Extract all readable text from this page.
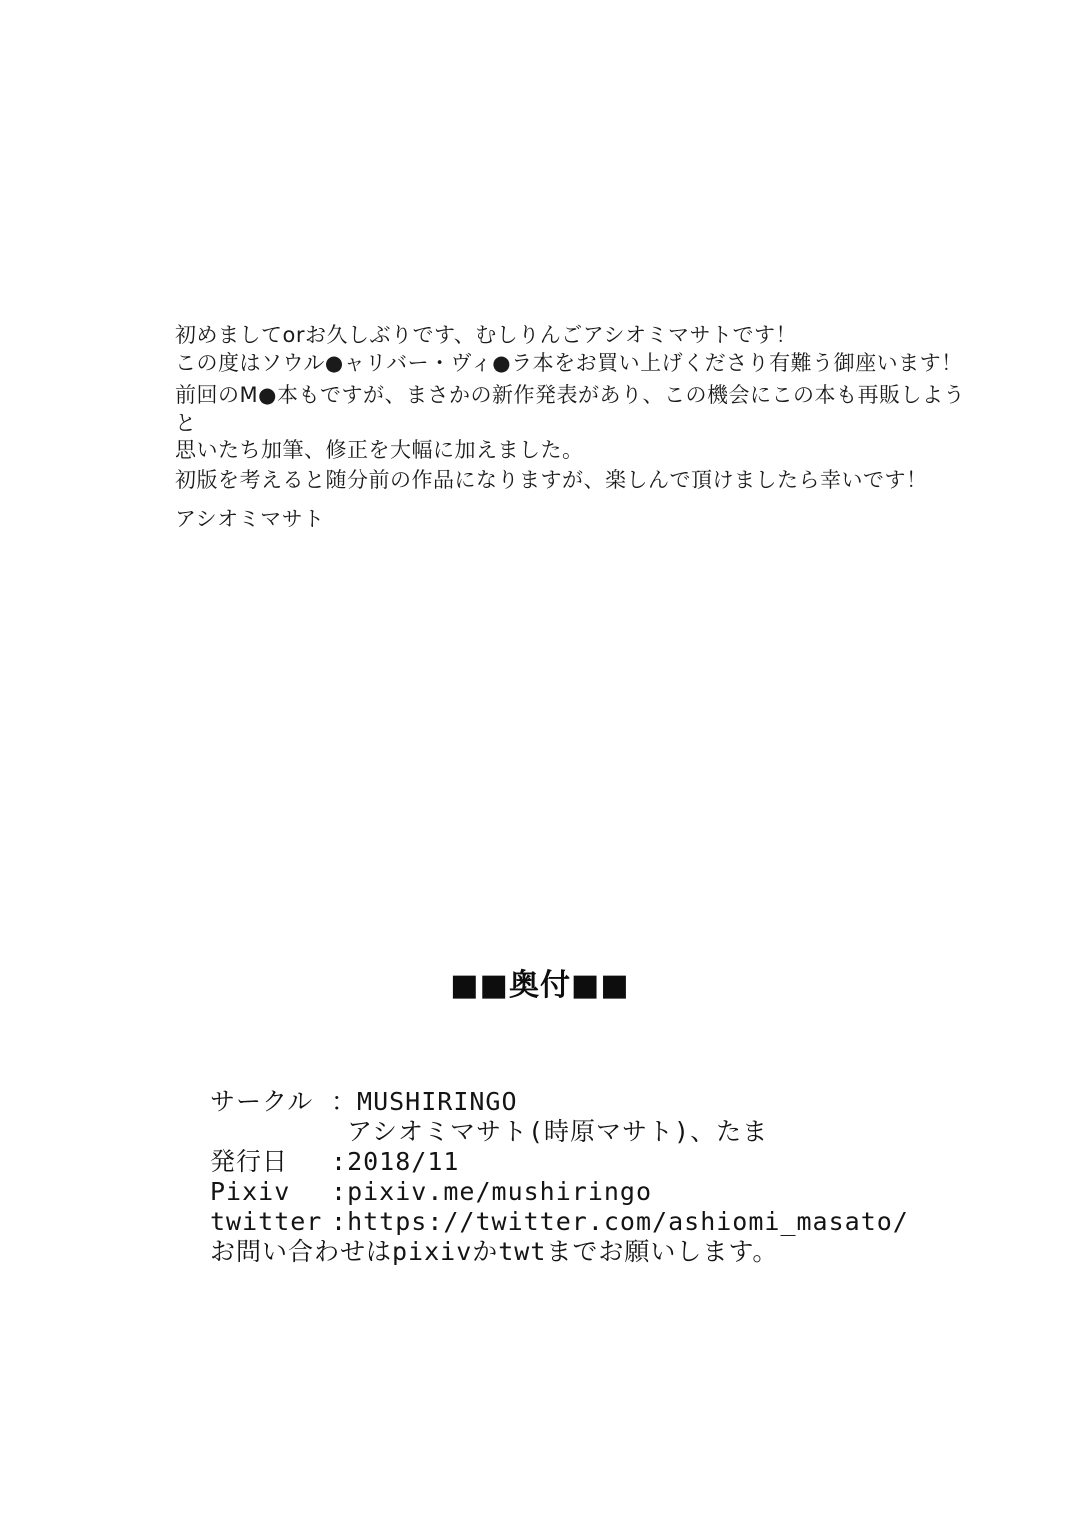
初めましてorお久しぶりです、むしりんごアシオミマサトです！

この度はソウル●ャリバー・ヴィ●ラ本をお買い上げくださり有難う御座います！

前回のM●本もですが、まさかの新作発表があり、この機会にこの本も再販しようと

思いたち加筆、修正を大幅に加えました。

初版を考えると随分前の作品になりますが、楽しんで頂けましたら幸いです！

アシオミマサト

■■奥付■■
サークル ： MUSHIRINGO
アシオミマサト(時原マサト)、たま
発行日	: 2018/11
Pixiv	: pixiv.me/mushiringo
twitter : https://twitter.com/ashiomi_masato/
お問い合わせはpixivかtwtまでお願いします。
